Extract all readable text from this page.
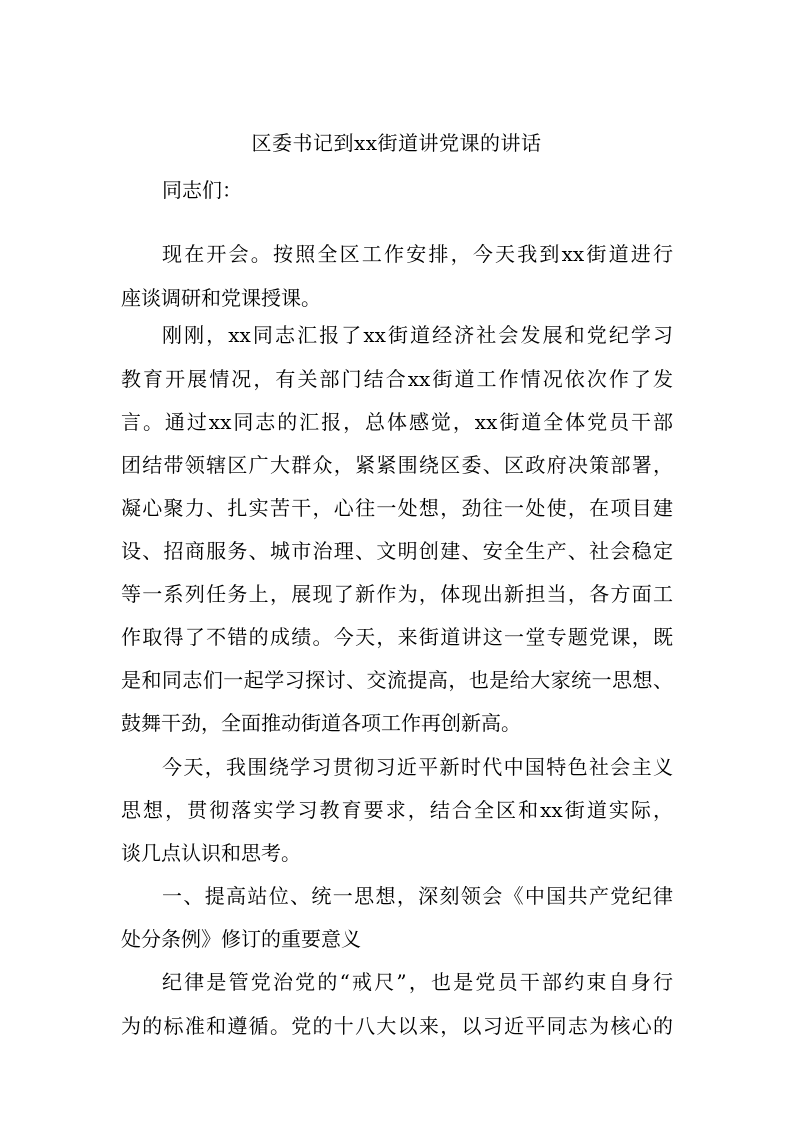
区委书记到xx街道讲党课的讲话
同志们：
现在开会。按照全区工作安排，今天我到xx街道进行
座谈调研和党课授课。
刚刚，xx同志汇报了xx街道经济社会发展和党纪学习
教育开展情况，有关部门结合xx街道工作情况依次作了发
言。通过xx同志的汇报，总体感觉，xx街道全体党员干部
团结带领辖区广大群众，紧紧围绕区委、区政府决策部署，
凝心聚力、扎实苦干，心往一处想，劲往一处使，在项目建
设、招商服务、城市治理、文明创建、安全生产、社会稳定
等一系列任务上，展现了新作为，体现出新担当，各方面工
作取得了不错的成绩。今天，来街道讲这一堂专题党课，既
是和同志们一起学习探讨、交流提高，也是给大家统一思想、
鼓舞干劲，全面推动街道各项工作再创新高。
今天，我围绕学习贯彻习近平新时代中国特色社会主义
思想，贯彻落实学习教育要求，结合全区和xx街道实际，
谈几点认识和思考。
一、提高站位、统一思想，深刻领会《中国共产党纪律
处分条例》修订的重要意义
纪律是管党治党的“戒尺”，也是党员干部约束自身行
为的标准和遵循。党的十八大以来，以习近平同志为核心的
